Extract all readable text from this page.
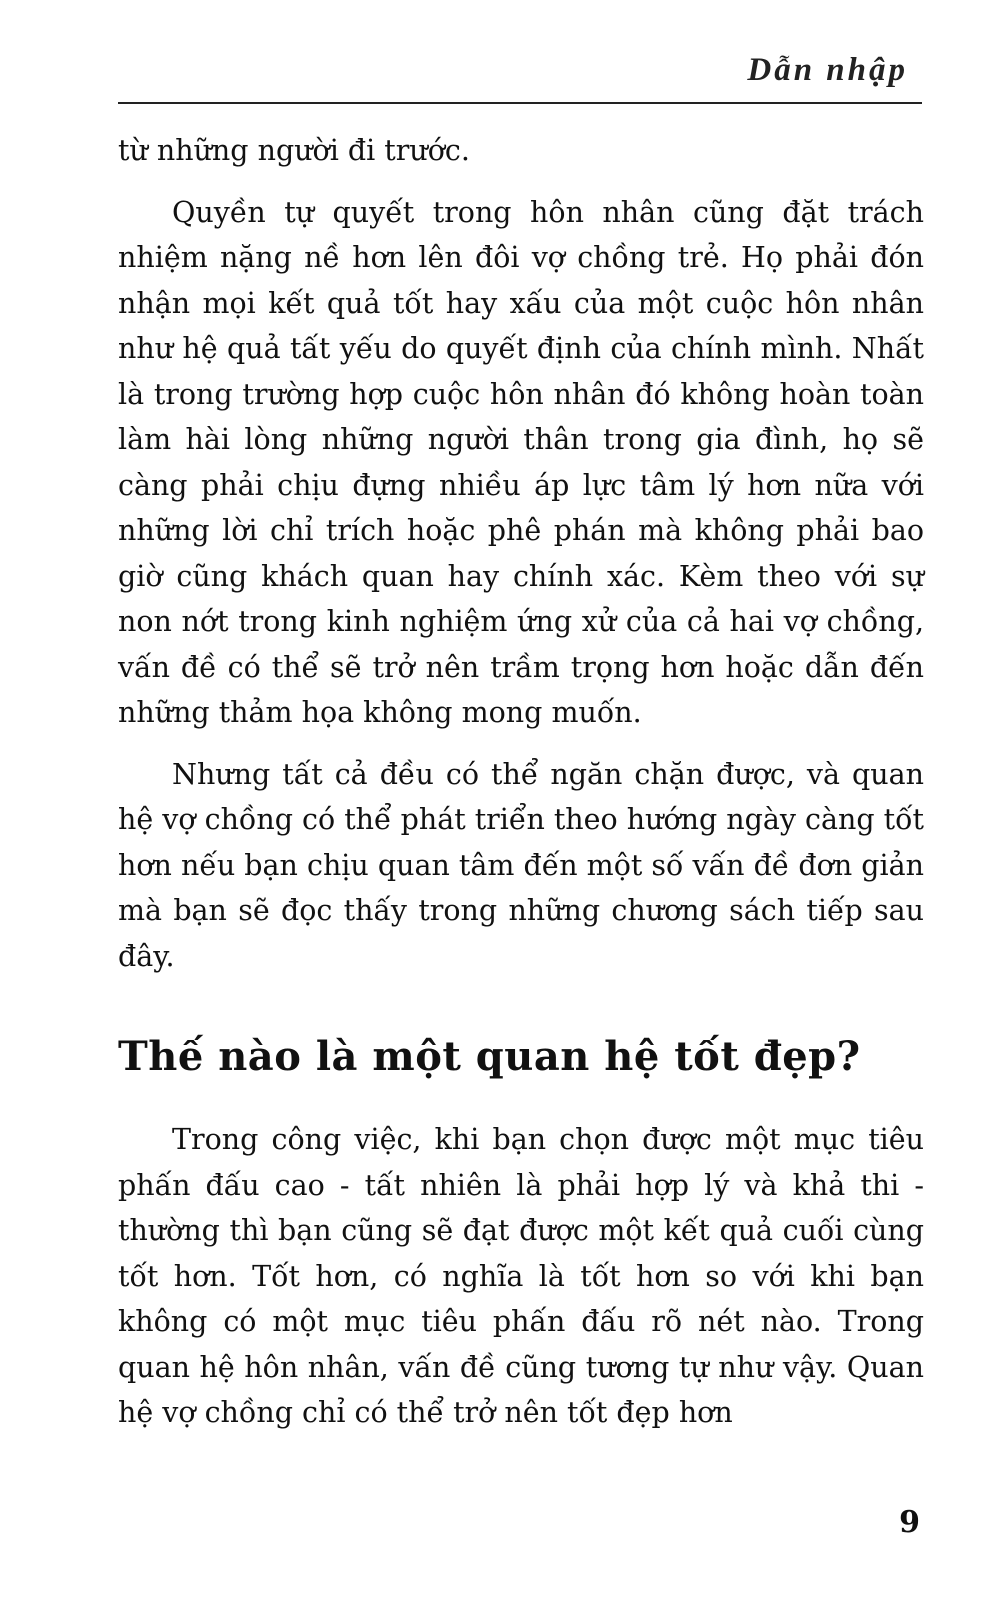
Dẫn nhập

từ những người đi trước.

Quyền tự quyết trong hôn nhân cũng đặt trách nhiệm nặng nề hơn lên đôi vợ chồng trẻ. Họ phải đón nhận mọi kết quả tốt hay xấu của một cuộc hôn nhân như hệ quả tất yếu do quyết định của chính mình. Nhất là trong trường hợp cuộc hôn nhân đó không hoàn toàn làm hài lòng những người thân trong gia đình, họ sẽ càng phải chịu đựng nhiều áp lực tâm lý hơn nữa với những lời chỉ trích hoặc phê phán mà không phải bao giờ cũng khách quan hay chính xác. Kèm theo với sự non nớt trong kinh nghiệm ứng xử của cả hai vợ chồng, vấn đề có thể sẽ trở nên trầm trọng hơn hoặc dẫn đến những thảm họa không mong muốn.

Nhưng tất cả đều có thể ngăn chặn được, và quan hệ vợ chồng có thể phát triển theo hướng ngày càng tốt hơn nếu bạn chịu quan tâm đến một số vấn đề đơn giản mà bạn sẽ đọc thấy trong những chương sách tiếp sau đây.

Thế nào là một quan hệ tốt đẹp?

Trong công việc, khi bạn chọn được một mục tiêu phấn đấu cao - tất nhiên là phải hợp lý và khả thi - thường thì bạn cũng sẽ đạt được một kết quả cuối cùng tốt hơn. Tốt hơn, có nghĩa là tốt hơn so với khi bạn không có một mục tiêu phấn đấu rõ nét nào. Trong quan hệ hôn nhân, vấn đề cũng tương tự như vậy. Quan hệ vợ chồng chỉ có thể trở nên tốt đẹp hơn

9
